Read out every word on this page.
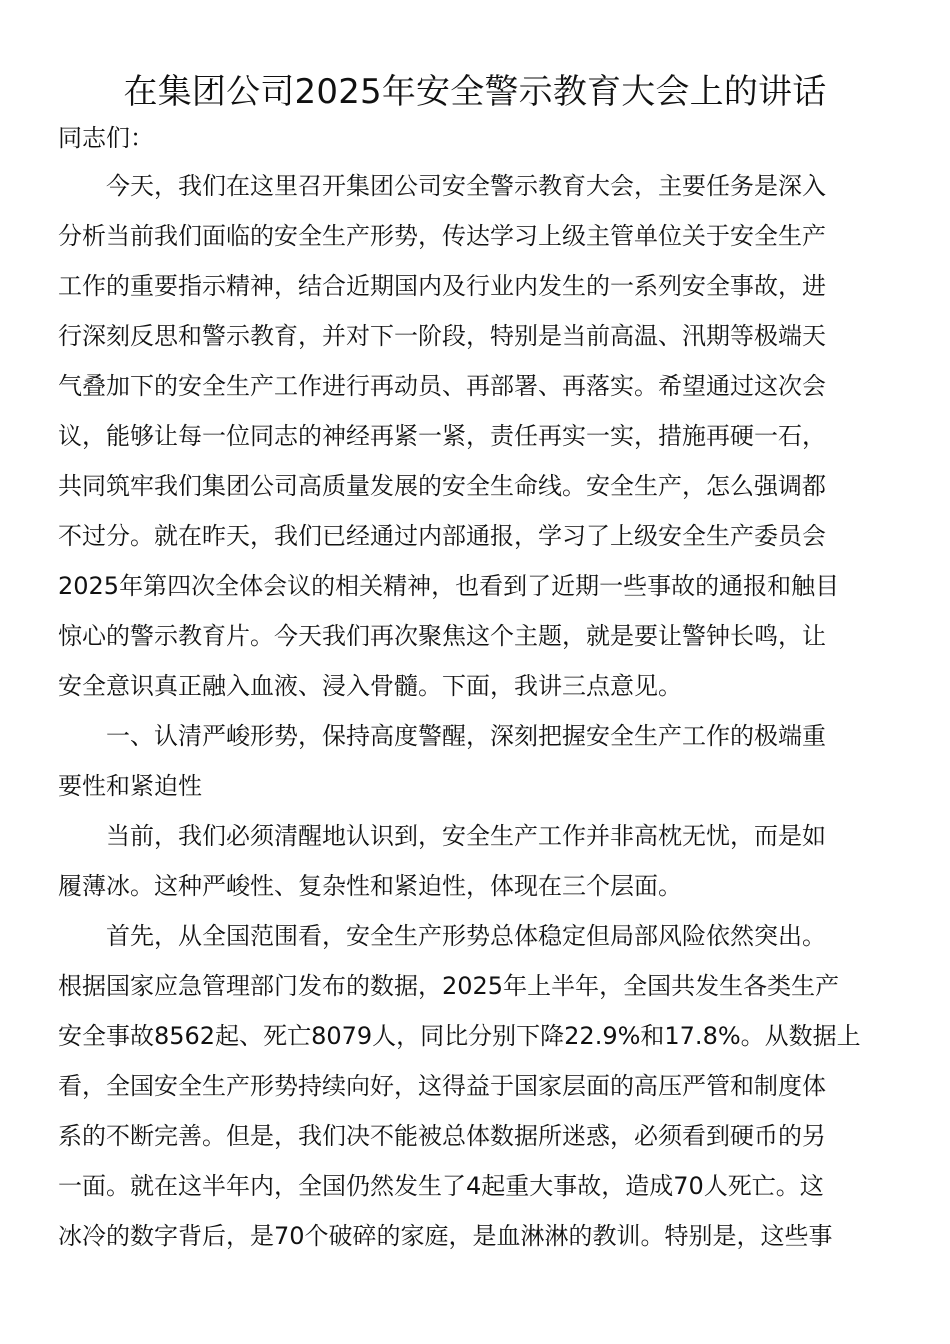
在集团公司2025年安全警示教育大会上的讲话

同志们：

今天，我们在这里召开集团公司安全警示教育大会，主要任务是深入

分析当前我们面临的安全生产形势，传达学习上级主管单位关于安全生产

工作的重要指示精神，结合近期国内及行业内发生的一系列安全事故，进

行深刻反思和警示教育，并对下一阶段，特别是当前高温、汛期等极端天

气叠加下的安全生产工作进行再动员、再部署、再落实。希望通过这次会

议，能够让每一位同志的神经再紧一紧，责任再实一实，措施再硬一石，

共同筑牢我们集团公司高质量发展的安全生命线。安全生产，怎么强调都

不过分。就在昨天，我们已经通过内部通报，学习了上级安全生产委员会

2025年第四次全体会议的相关精神，也看到了近期一些事故的通报和触目

惊心的警示教育片。今天我们再次聚焦这个主题，就是要让警钟长鸣，让

安全意识真正融入血液、浸入骨髓。下面，我讲三点意见。

一、认清严峻形势，保持高度警醒，深刻把握安全生产工作的极端重

要性和紧迫性

当前，我们必须清醒地认识到，安全生产工作并非高枕无忧，而是如

履薄冰。这种严峻性、复杂性和紧迫性，体现在三个层面。

首先，从全国范围看，安全生产形势总体稳定但局部风险依然突出。

根据国家应急管理部门发布的数据，2025年上半年，全国共发生各类生产

安全事故8562起、死亡8079人，同比分别下降22.9%和17.8%。从数据上

看，全国安全生产形势持续向好，这得益于国家层面的高压严管和制度体

系的不断完善。但是，我们决不能被总体数据所迷惑，必须看到硬币的另

一面。就在这半年内，全国仍然发生了4起重大事故，造成70人死亡。这

冰冷的数字背后，是70个破碎的家庭，是血淋淋的教训。特别是，这些事
